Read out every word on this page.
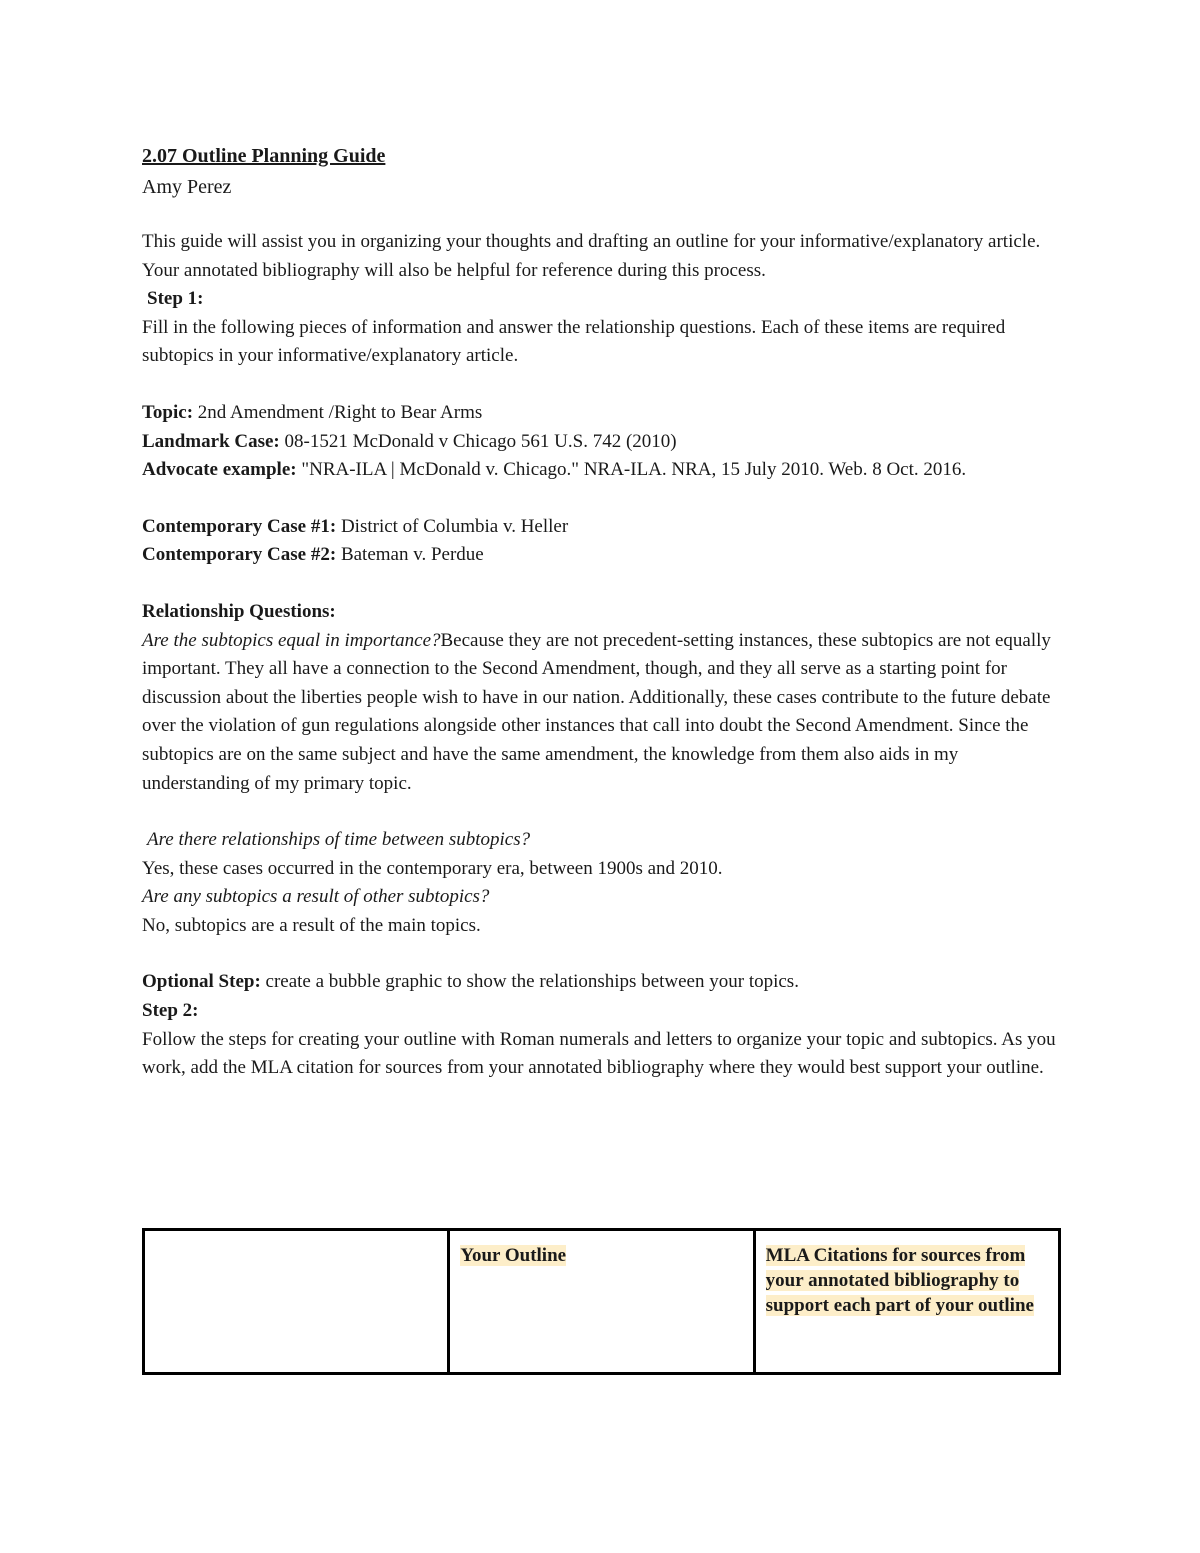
2.07 Outline Planning Guide
Amy Perez

This guide will assist you in organizing your thoughts and drafting an outline for your informative/explanatory article. Your annotated bibliography will also be helpful for reference during this process.

Step 1:

Fill in the following pieces of information and answer the relationship questions. Each of these items are required subtopics in your informative/explanatory article.

Topic: 2nd Amendment /Right to Bear Arms

Landmark Case: 08-1521 McDonald v Chicago 561 U.S. 742 (2010)

Advocate example: "NRA-ILA | McDonald v. Chicago." NRA-ILA. NRA, 15 July 2010. Web. 8 Oct. 2016.

Contemporary Case #1: District of Columbia v. Heller

Contemporary Case #2: Bateman v. Perdue

Relationship Questions:

Are the subtopics equal in importance?Because they are not precedent-setting instances, these subtopics are not equally important. They all have a connection to the Second Amendment, though, and they all serve as a starting point for discussion about the liberties people wish to have in our nation. Additionally, these cases contribute to the future debate over the violation of gun regulations alongside other instances that call into doubt the Second Amendment. Since the subtopics are on the same subject and have the same amendment, the knowledge from them also aids in my understanding of my primary topic.

Are there relationships of time between subtopics?

Yes, these cases occurred in the contemporary era, between 1900s and 2010.

Are any subtopics a result of other subtopics?

No, subtopics are a result of the main topics.

Optional Step: create a bubble graphic to show the relationships between your topics.

Step 2:

Follow the steps for creating your outline with Roman numerals and letters to organize your topic and subtopics. As you work, add the MLA citation for sources from your annotated bibliography where they would best support your outline.

	Your Outline	MLA Citations for sources from your annotated bibliography to support each part of your outline
